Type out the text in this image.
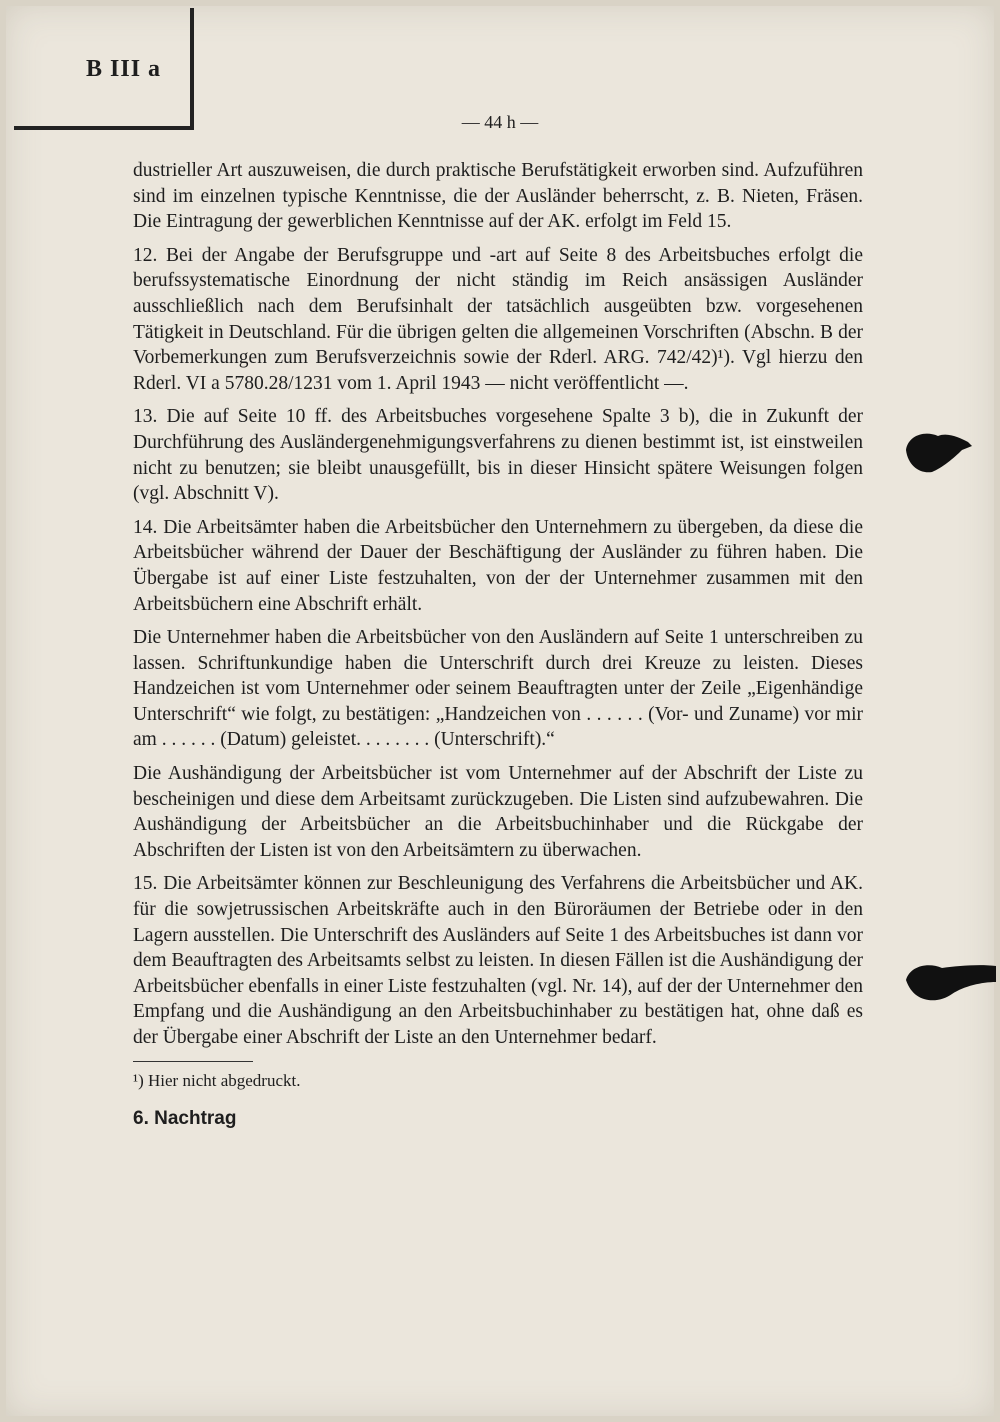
B III a
— 44 h —

dustrieller Art auszuweisen, die durch praktische Berufstätigkeit erworben sind. Aufzuführen sind im einzelnen typische Kenntnisse, die der Ausländer beherrscht, z. B. Nieten, Fräsen. Die Eintragung der gewerblichen Kenntnisse auf der AK. erfolgt im Feld 15.

12. Bei der Angabe der Berufsgruppe und -art auf Seite 8 des Arbeitsbuches erfolgt die berufssystematische Einordnung der nicht ständig im Reich ansässigen Ausländer ausschließlich nach dem Berufsinhalt der tatsächlich ausgeübten bzw. vorgesehenen Tätigkeit in Deutschland. Für die übrigen gelten die allgemeinen Vorschriften (Abschn. B der Vorbemerkungen zum Berufsverzeichnis sowie der Rderl. ARG. 742/42)¹). Vgl hierzu den Rderl. VI a 5780.28/1231 vom 1. April 1943 — nicht veröffentlicht —.

13. Die auf Seite 10 ff. des Arbeitsbuches vorgesehene Spalte 3 b), die in Zukunft der Durchführung des Ausländergenehmigungsverfahrens zu dienen bestimmt ist, ist einstweilen nicht zu benutzen; sie bleibt unausgefüllt, bis in dieser Hinsicht spätere Weisungen folgen (vgl. Abschnitt V).

14. Die Arbeitsämter haben die Arbeitsbücher den Unternehmern zu übergeben, da diese die Arbeitsbücher während der Dauer der Beschäftigung der Ausländer zu führen haben. Die Übergabe ist auf einer Liste festzuhalten, von der der Unternehmer zusammen mit den Arbeitsbüchern eine Abschrift erhält.

Die Unternehmer haben die Arbeitsbücher von den Ausländern auf Seite 1 unterschreiben zu lassen. Schriftunkundige haben die Unterschrift durch drei Kreuze zu leisten. Dieses Handzeichen ist vom Unternehmer oder seinem Beauftragten unter der Zeile „Eigenhändige Unterschrift“ wie folgt, zu bestätigen: „Handzeichen von . . . . . . (Vor- und Zuname) vor mir am . . . . . . (Datum) geleistet. . . . . . . . (Unterschrift).“

Die Aushändigung der Arbeitsbücher ist vom Unternehmer auf der Abschrift der Liste zu bescheinigen und diese dem Arbeitsamt zurückzugeben. Die Listen sind aufzubewahren. Die Aushändigung der Arbeitsbücher an die Arbeitsbuchinhaber und die Rückgabe der Abschriften der Listen ist von den Arbeitsämtern zu überwachen.

15. Die Arbeitsämter können zur Beschleunigung des Verfahrens die Arbeitsbücher und AK. für die sowjetrussischen Arbeitskräfte auch in den Büroräumen der Betriebe oder in den Lagern ausstellen. Die Unterschrift des Ausländers auf Seite 1 des Arbeitsbuches ist dann vor dem Beauftragten des Arbeitsamts selbst zu leisten. In diesen Fällen ist die Aushändigung der Arbeitsbücher ebenfalls in einer Liste festzuhalten (vgl. Nr. 14), auf der der Unternehmer den Empfang und die Aushändigung an den Arbeitsbuchinhaber zu bestätigen hat, ohne daß es der Übergabe einer Abschrift der Liste an den Unternehmer bedarf.

¹) Hier nicht abgedruckt.
6. Nachtrag
